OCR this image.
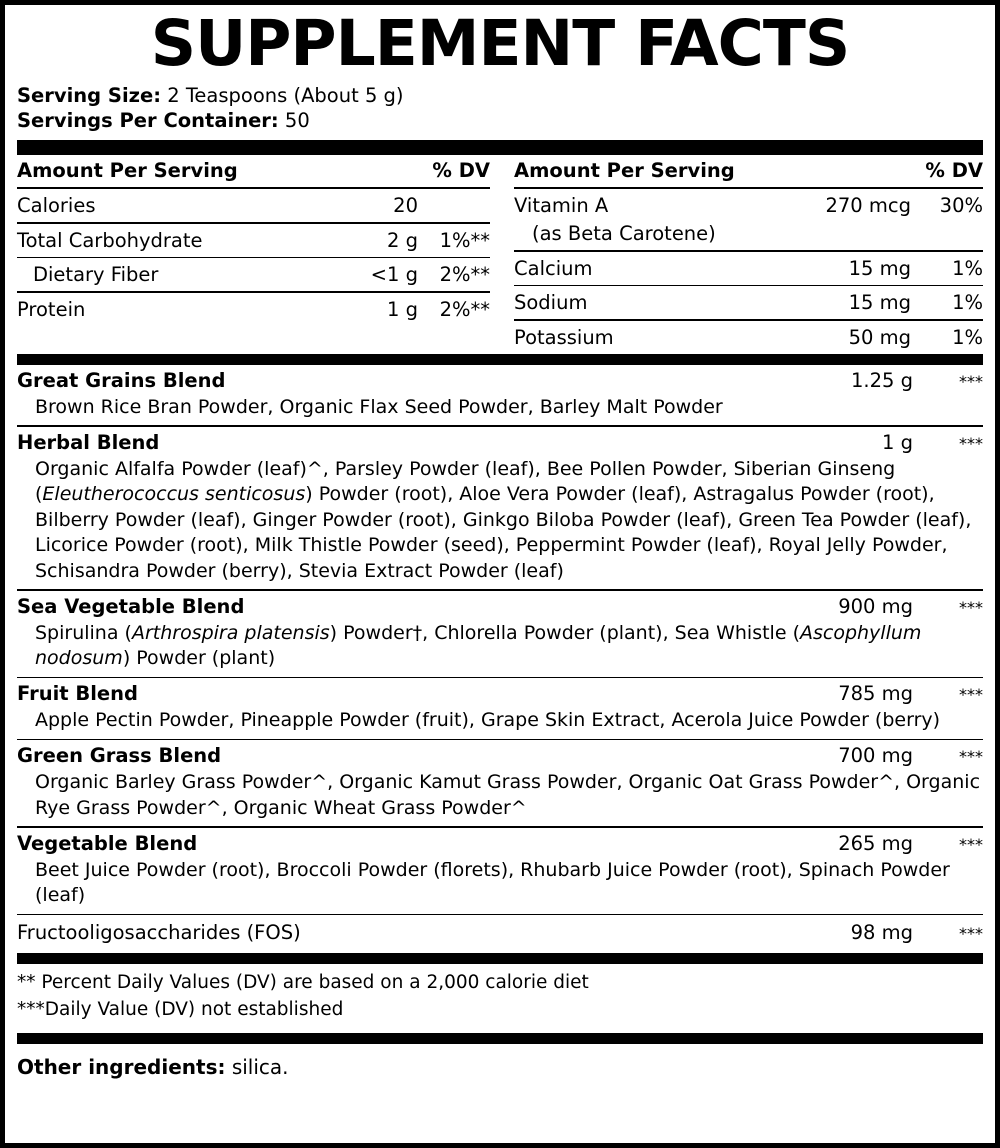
SUPPLEMENT FACTS
Serving Size: 2 Teaspoons (About 5 g)
Servings Per Container: 50
Amount Per Serving	% DV
Calories	20
Total Carbohydrate	2 g	1%**
Dietary Fiber	<1 g	2%**
Protein	1 g	2%**
Amount Per Serving	% DV
Vitamin A	270 mcg	30%
(as Beta Carotene)
Calcium	15 mg	1%
Sodium	15 mg	1%
Potassium	50 mg	1%
Great Grains Blend	1.25 g	***
Brown Rice Bran Powder, Organic Flax Seed Powder, Barley Malt Powder
Herbal Blend	1 g	***
Organic Alfalfa Powder (leaf)^, Parsley Powder (leaf), Bee Pollen Powder, Siberian Ginseng (Eleutherococcus senticosus) Powder (root), Aloe Vera Powder (leaf), Astragalus Powder (root), Bilberry Powder (leaf), Ginger Powder (root), Ginkgo Biloba Powder (leaf), Green Tea Powder (leaf), Licorice Powder (root), Milk Thistle Powder (seed), Peppermint Powder (leaf), Royal Jelly Powder, Schisandra Powder (berry), Stevia Extract Powder (leaf)
Sea Vegetable Blend	900 mg	***
Spirulina (Arthrospira platensis) Powder†, Chlorella Powder (plant), Sea Whistle (Ascophyllum nodosum) Powder (plant)
Fruit Blend	785 mg	***
Apple Pectin Powder, Pineapple Powder (fruit), Grape Skin Extract, Acerola Juice Powder (berry)
Green Grass Blend	700 mg	***
Organic Barley Grass Powder^, Organic Kamut Grass Powder, Organic Oat Grass Powder^, Organic Rye Grass Powder^, Organic Wheat Grass Powder^
Vegetable Blend	265 mg	***
Beet Juice Powder (root), Broccoli Powder (florets), Rhubarb Juice Powder (root), Spinach Powder (leaf)
Fructooligosaccharides (FOS)	98 mg	***
** Percent Daily Values (DV) are based on a 2,000 calorie diet
***Daily Value (DV) not established
Other ingredients: silica.
